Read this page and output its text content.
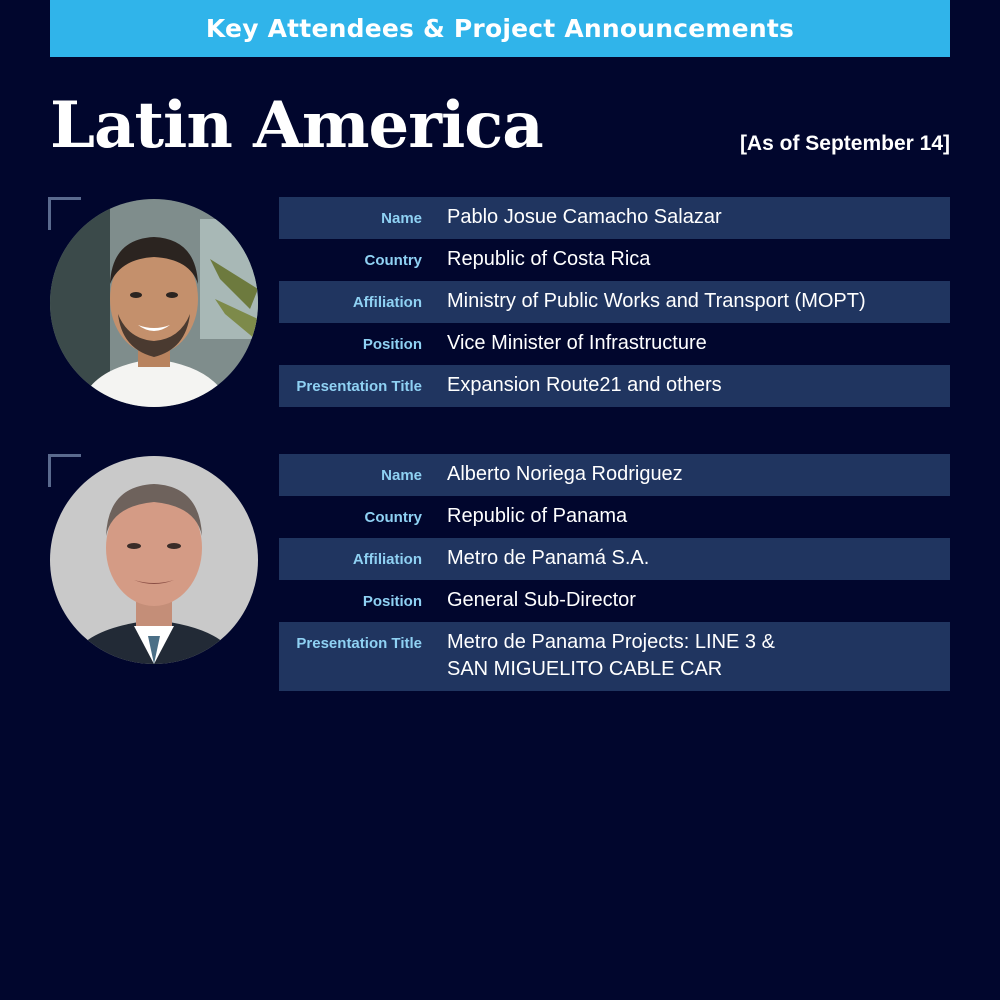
Key Attendees & Project Announcements
Latin America	[As of September 14]
Name	Pablo Josue Camacho Salazar
Country	Republic of Costa Rica
Affiliation	Ministry of Public Works and Transport (MOPT)
Position	Vice Minister of Infrastructure
Presentation Title	Expansion Route21 and others
Name	Alberto Noriega Rodriguez
Country	Republic of Panama
Affiliation	Metro de Panamá S.A.
Position	General Sub-Director
Presentation Title	Metro de Panama Projects: LINE 3 &
SAN MIGUELITO CABLE CAR
